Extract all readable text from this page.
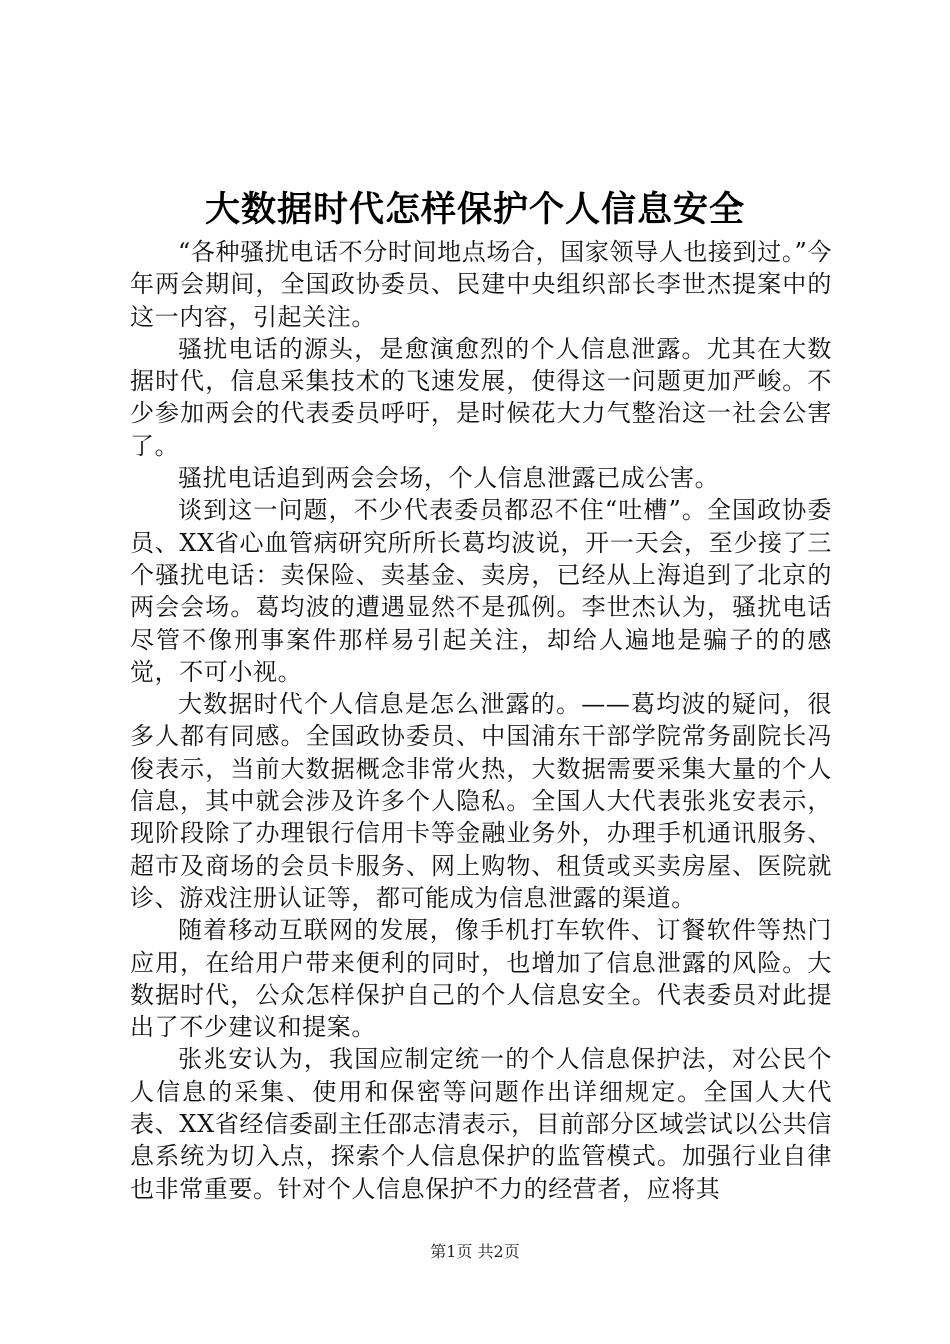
大数据时代怎样保护个人信息安全

“各种骚扰电话不分时间地点场合，国家领导人也接到过。”今年两会期间，全国政协委员、民建中央组织部长李世杰提案中的这一内容，引起关注。

骚扰电话的源头，是愈演愈烈的个人信息泄露。尤其在大数据时代，信息采集技术的飞速发展，使得这一问题更加严峻。不少参加两会的代表委员呼吁，是时候花大力气整治这一社会公害了。

骚扰电话追到两会会场，个人信息泄露已成公害。

谈到这一问题，不少代表委员都忍不住“吐槽”。全国政协委员、XX省心血管病研究所所长葛均波说，开一天会，至少接了三个骚扰电话：卖保险、卖基金、卖房，已经从上海追到了北京的两会会场。葛均波的遭遇显然不是孤例。李世杰认为，骚扰电话尽管不像刑事案件那样易引起关注，却给人遍地是骗子的的感觉，不可小视。

大数据时代个人信息是怎么泄露的。——葛均波的疑问，很多人都有同感。全国政协委员、中国浦东干部学院常务副院长冯俊表示，当前大数据概念非常火热，大数据需要采集大量的个人信息，其中就会涉及许多个人隐私。全国人大代表张兆安表示，现阶段除了办理银行信用卡等金融业务外，办理手机通讯服务、超市及商场的会员卡服务、网上购物、租赁或买卖房屋、医院就诊、游戏注册认证等，都可能成为信息泄露的渠道。

随着移动互联网的发展，像手机打车软件、订餐软件等热门应用，在给用户带来便利的同时，也增加了信息泄露的风险。大数据时代，公众怎样保护自己的个人信息安全。代表委员对此提出了不少建议和提案。

张兆安认为，我国应制定统一的个人信息保护法，对公民个人信息的采集、使用和保密等问题作出详细规定。全国人大代表、XX省经信委副主任邵志清表示，目前部分区域尝试以公共信息系统为切入点，探索个人信息保护的监管模式。加强行业自律也非常重要。针对个人信息保护不力的经营者，应将其

第1页 共2页
